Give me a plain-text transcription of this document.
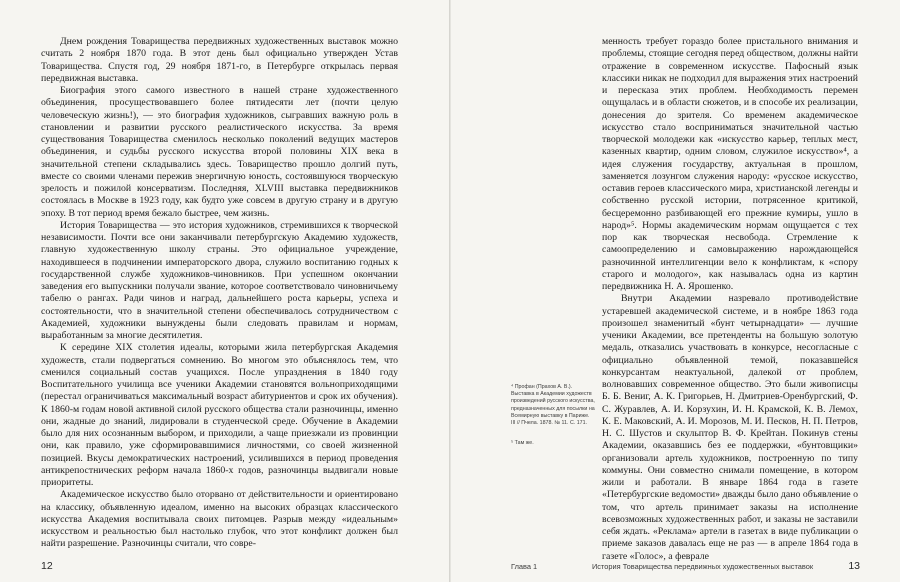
Днем рождения Товарищества передвижных художественных выставок можно считать 2 ноября 1870 года. В этот день был официально утвержден Устав Товарищества. Спустя год, 29 ноября 1871-го, в Петербурге открылась первая передвижная выставка.

Биография этого самого известного в нашей стране художественного объединения, просуществовавшего более пятидесяти лет (почти целую человеческую жизнь!), — это биография художников, сыгравших важную роль в становлении и развитии русского реалистического искусства. За время существования Товарищества сменилось несколько поколений ведущих мастеров объединения, и судьбы русского искусства второй половины XIX века в значительной степени складывались здесь. Товарищество прошло долгий путь, вместе со своими членами пережив энергичную юность, состоявшуюся творческую зрелость и пожилой консерватизм. Последняя, XLVIII выставка передвижников состоялась в Москве в 1923 году, как будто уже совсем в другую страну и в другую эпоху. В тот период время бежало быстрее, чем жизнь.

История Товарищества — это история художников, стремившихся к творческой независимости. Почти все они заканчивали петербургскую Академию художеств, главную художественную школу страны. Это официальное учреждение, находившееся в подчинении императорского двора, служило воспитанию годных к государственной службе художников-чиновников. При успешном окончании заведения его выпускники получали звание, которое соответствовало чиновничьему табелю о рангах. Ради чинов и наград, дальнейшего роста карьеры, успеха и состоятельности, что в значительной степени обеспечивалось сотрудничеством с Академией, художники вынуждены были следовать правилам и нормам, выработанным за многие десятилетия.

К середине XIX столетия идеалы, которыми жила петербургская Академия художеств, стали подвергаться сомнению. Во многом это объяснялось тем, что сменился социальный состав учащихся. После упразднения в 1840 году Воспитательного училища все ученики Академии становятся вольноприходящими (перестал ограничиваться максимальный возраст абитуриентов и срок их обучения). К 1860-м годам новой активной силой русского общества стали разночинцы, именно они, жадные до знаний, лидировали в студенческой среде. Обучение в Академии было для них осознанным выбором, и приходили, а чаще приезжали из провинции они, как правило, уже сформировавшимися личностями, со своей жизненной позицией. Вкусы демократических настроений, усилившихся в период проведения антикрепостнических реформ начала 1860-х годов, разночинцы выдвигали новые приоритеты.

Академическое искусство было оторвано от действительности и ориентировано на классику, объявленную идеалом, именно на высоких образцах классического искусства Академия воспитывала своих питомцев. Разрыв между «идеальным» искусством и реальностью был настолько глубок, что этот конфликт должен был найти разрешение. Разночинцы считали, что совре-

12

⁴ Профан (Прахов А. В.). Выставка в Академии художеств произведений русского искусства, предназначенных для посылки на Всемирную выставку в Париже. III // Пчела. 1878. № 11. С. 171.

⁵ Там же.

менность требует гораздо более пристального внимания и проблемы, стоящие сегодня перед обществом, должны найти отражение в современном искусстве. Пафосный язык классики никак не подходил для выражения этих настроений и пересказа этих проблем. Необходимость перемен ощущалась и в области сюжетов, и в способе их реализации, донесения до зрителя. Со временем академическое искусство стало восприниматься значительной частью творческой молодежи как «искусство карьер, теплых мест, казенных квартир, одним словом, служилое искусство»⁴, а идея служения государству, актуальная в прошлом, заменяется лозунгом служения народу: «русское искусство, оставив героев классического мира, христианской легенды и собственно русской истории, потрясенное критикой, бесцеремонно разбивающей его прежние кумиры, ушло в народ»⁵. Нормы академическим нормам ощущается с тех пор как творческая несвобода. Стремление к самоопределению и самовыражению нарождающейся разночинной интеллигенции вело к конфликтам, к «спору старого и молодого», как называлась одна из картин передвижника Н. А. Ярошенко.

Внутри Академии назревало противодействие устаревшей академической системе, и в ноябре 1863 года произошел знаменитый «бунт четырнадцати» — лучшие ученики Академии, все претенденты на большую золотую медаль, отказались участвовать в конкурсе, несогласные с официально объявленной темой, показавшейся конкурсантам неактуальной, далекой от проблем, волновавших современное общество. Это были живописцы Б. Б. Вениг, А. К. Григорьев, Н. Дмитриев-Оренбургский, Ф. С. Журавлев, А. И. Корзухин, И. Н. Крамской, К. В. Лемох, К. Е. Маковский, А. И. Морозов, М. И. Песков, Н. П. Петров, Н. С. Шустов и скульптор В. Ф. Крейтан. Покинув стены Академии, оказавшись без ее поддержки, «бунтовщики» организовали артель художников, построенную по типу коммуны. Они совместно снимали помещение, в котором жили и работали. В январе 1864 года в газете «Петербургские ведомости» дважды было дано объявление о том, что артель принимает заказы на исполнение всевозможных художественных работ, и заказы не заставили себя ждать. «Реклама» артели в газетах в виде публикации о приеме заказов давалась еще не раз — в апреле 1864 года в газете «Голос», а феврале

Глава 1	История Товарищества передвижных художественных выставок	13
